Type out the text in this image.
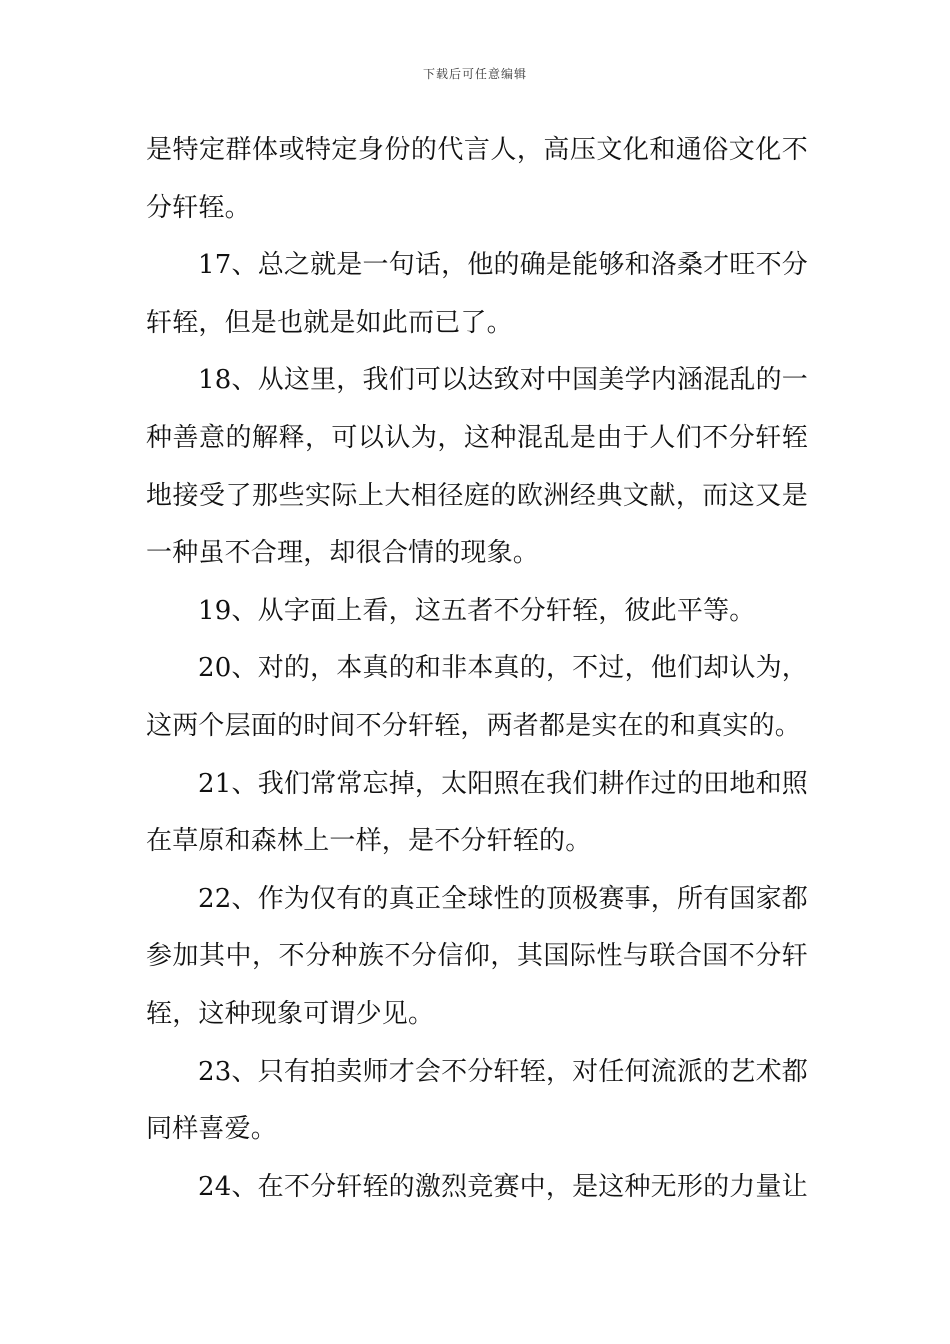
下载后可任意编辑

是特定群体或特定身份的代言人，高压文化和通俗文化不分轩轾。

17、总之就是一句话，他的确是能够和洛桑才旺不分轩轾，但是也就是如此而已了。

18、从这里，我们可以达致对中国美学内涵混乱的一种善意的解释，可以认为，这种混乱是由于人们不分轩轾地接受了那些实际上大相径庭的欧洲经典文献，而这又是一种虽不合理，却很合情的现象。

19、从字面上看，这五者不分轩轾，彼此平等。

20、对的，本真的和非本真的，不过，他们却认为，这两个层面的时间不分轩轾，两者都是实在的和真实的。

21、我们常常忘掉，太阳照在我们耕作过的田地和照在草原和森林上一样，是不分轩轾的。

22、作为仅有的真正全球性的顶极赛事，所有国家都参加其中，不分种族不分信仰，其国际性与联合国不分轩轾，这种现象可谓少见。

23、只有拍卖师才会不分轩轾，对任何流派的艺术都同样喜爱。

24、在不分轩轾的激烈竞赛中，是这种无形的力量让
